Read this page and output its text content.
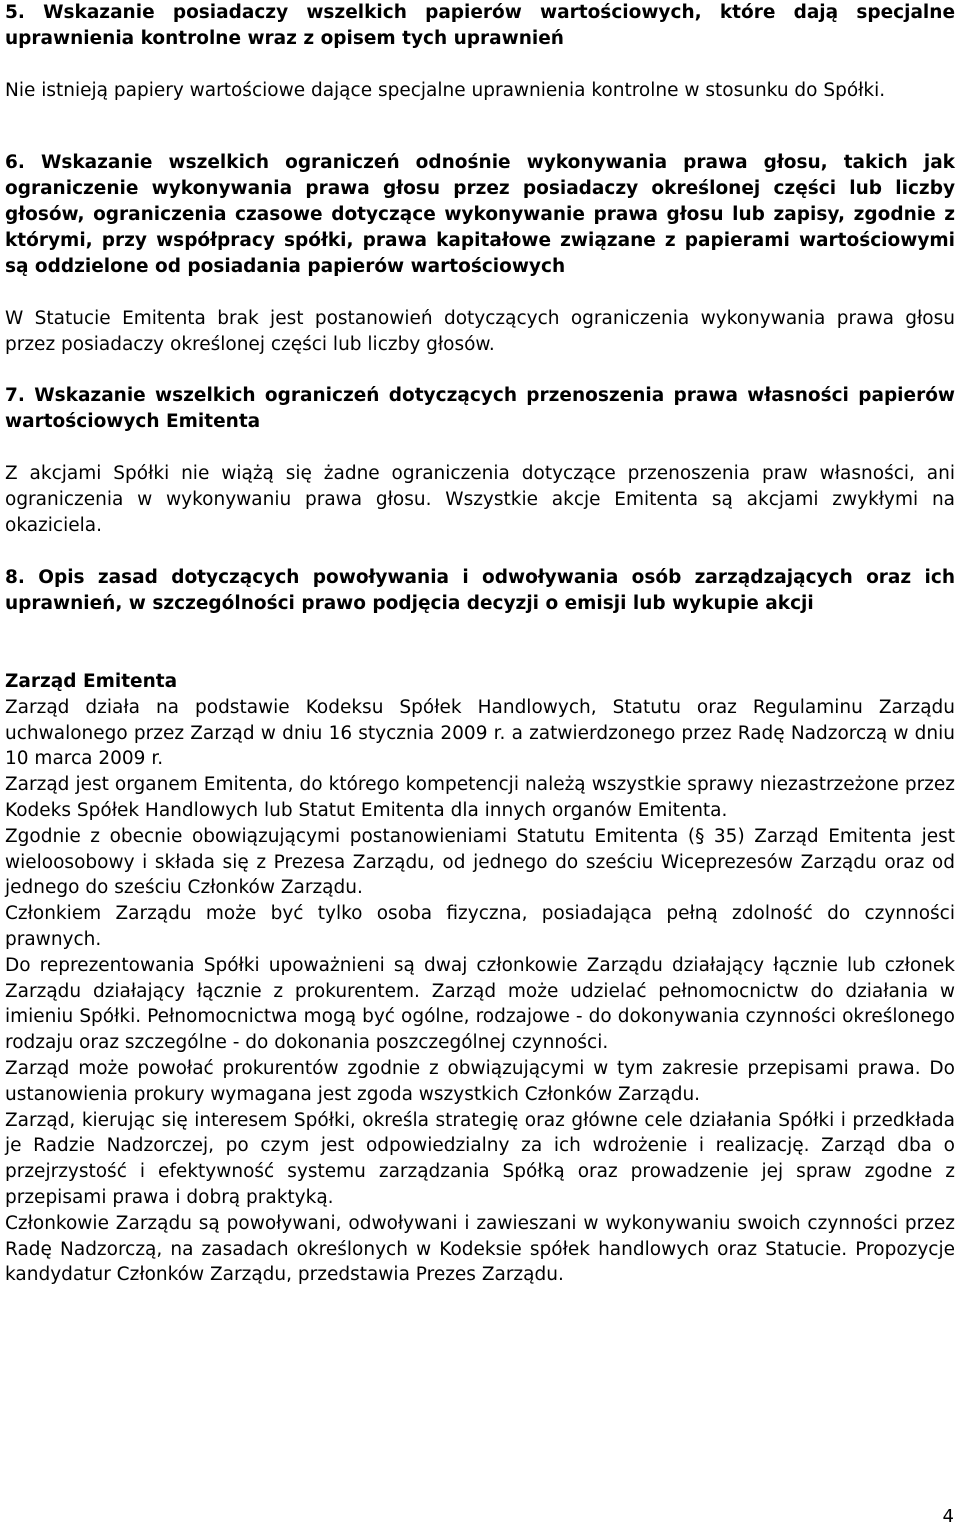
5. Wskazanie posiadaczy wszelkich papierów wartościowych, które dają specjalne uprawnienia kontrolne wraz z opisem tych uprawnień

Nie istnieją papiery wartościowe dające specjalne uprawnienia kontrolne w stosunku do Spółki.

6. Wskazanie wszelkich ograniczeń odnośnie wykonywania prawa głosu, takich jak ograniczenie wykonywania prawa głosu przez posiadaczy określonej części lub liczby głosów, ograniczenia czasowe dotyczące wykonywanie prawa głosu lub zapisy, zgodnie z którymi, przy współpracy spółki, prawa kapitałowe związane z papierami wartościowymi są oddzielone od posiadania papierów wartościowych

W Statucie Emitenta brak jest postanowień dotyczących ograniczenia wykonywania prawa głosu przez posiadaczy określonej części lub liczby głosów.

7. Wskazanie wszelkich ograniczeń dotyczących przenoszenia prawa własności papierów wartościowych Emitenta

Z akcjami Spółki nie wiążą się żadne ograniczenia dotyczące przenoszenia praw własności, ani ograniczenia w wykonywaniu prawa głosu. Wszystkie akcje Emitenta są akcjami zwykłymi na okaziciela.

8. Opis zasad dotyczących powoływania i odwoływania osób zarządzających oraz ich uprawnień, w szczególności prawo podjęcia decyzji o emisji lub wykupie akcji

Zarząd Emitenta

Zarząd działa na podstawie Kodeksu Spółek Handlowych, Statutu oraz Regulaminu Zarządu uchwalonego przez Zarząd w dniu 16 stycznia 2009 r. a zatwierdzonego przez Radę Nadzorczą w dniu 10 marca 2009 r.

Zarząd jest organem Emitenta, do którego kompetencji należą wszystkie sprawy niezastrzeżone przez Kodeks Spółek Handlowych lub Statut Emitenta dla innych organów Emitenta.

Zgodnie z obecnie obowiązującymi postanowieniami Statutu Emitenta (§ 35) Zarząd Emitenta jest wieloosobowy i składa się z Prezesa Zarządu, od jednego do sześciu Wiceprezesów Zarządu oraz od jednego do sześciu Członków Zarządu.

Członkiem Zarządu może być tylko osoba fizyczna, posiadająca pełną zdolność do czynności prawnych.

Do reprezentowania Spółki upoważnieni są dwaj członkowie Zarządu działający łącznie lub członek Zarządu działający łącznie z prokurentem. Zarząd może udzielać pełnomocnictw do działania w imieniu Spółki. Pełnomocnictwa mogą być ogólne, rodzajowe - do dokonywania czynności określonego rodzaju oraz szczególne - do dokonania poszczególnej czynności.

Zarząd może powołać prokurentów zgodnie z obwiązującymi w tym zakresie przepisami prawa. Do ustanowienia prokury wymagana jest zgoda wszystkich Członków Zarządu.

Zarząd, kierując się interesem Spółki, określa strategię oraz główne cele działania Spółki i przedkłada je Radzie Nadzorczej, po czym jest odpowiedzialny za ich wdrożenie i realizację. Zarząd dba o przejrzystość i efektywność systemu zarządzania Spółką oraz prowadzenie jej spraw zgodne z przepisami prawa i dobrą praktyką.

Członkowie Zarządu są powoływani, odwoływani i zawieszani w wykonywaniu swoich czynności przez Radę Nadzorczą, na zasadach określonych w Kodeksie spółek handlowych oraz Statucie. Propozycje kandydatur Członków Zarządu, przedstawia Prezes Zarządu.

4
